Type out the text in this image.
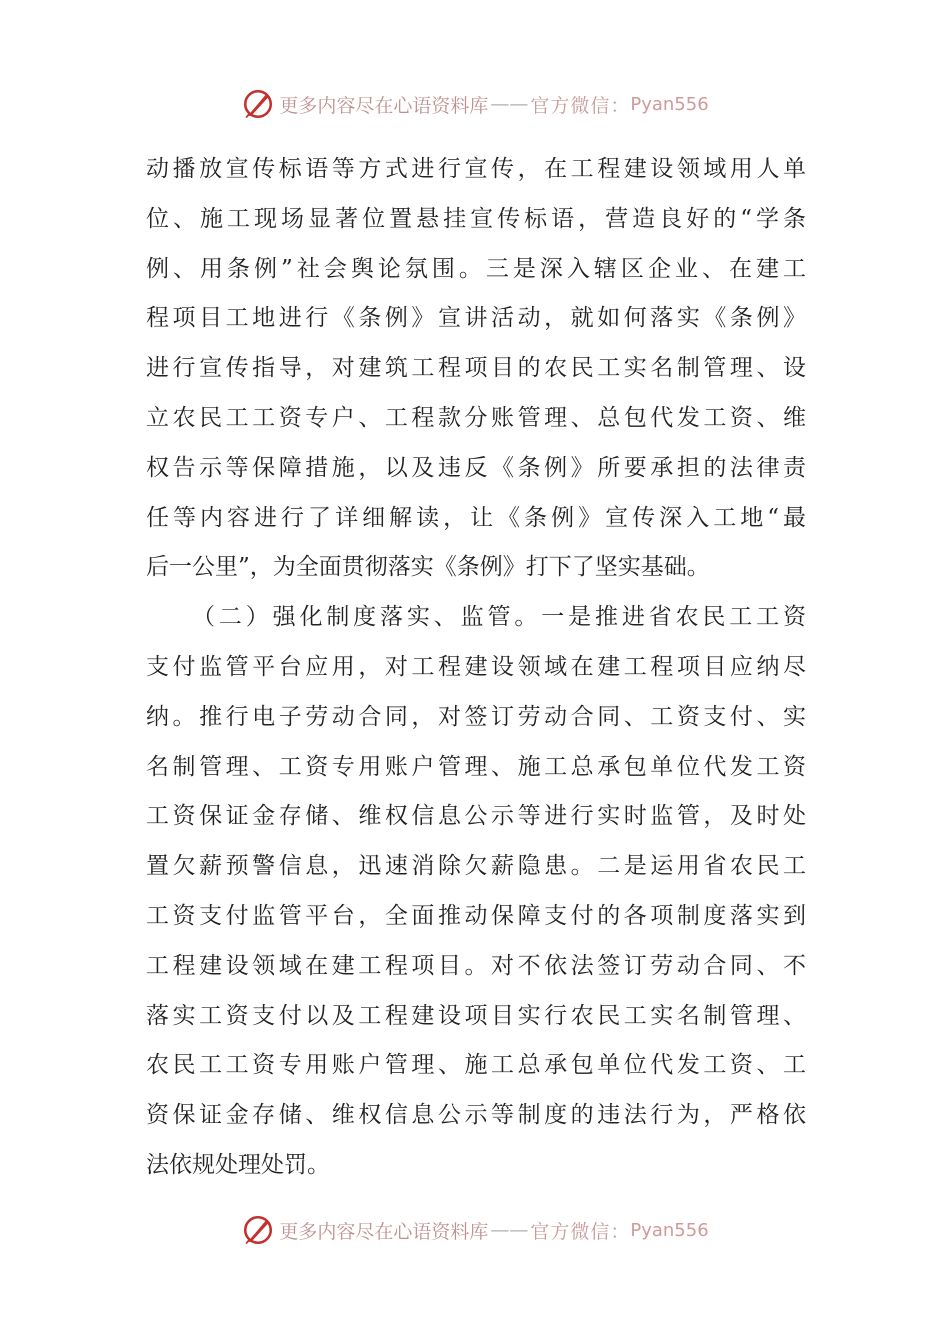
更多内容尽在心语资料库 —— 官方微信： Pyan556
动播放宣传标语等方式进行宣传，在工程建设领域用人单
位、施工现场显著位置悬挂宣传标语，营造良好的“学条
例、用条例”社会舆论氛围。三是深入辖区企业、在建工
程项目工地进行《条例》宣讲活动，就如何落实《条例》
进行宣传指导，对建筑工程项目的农民工实名制管理、设
立农民工工资专户、工程款分账管理、总包代发工资、维
权告示等保障措施，以及违反《条例》所要承担的法律责
任等内容进行了详细解读，让《条例》宣传深入工地“最
后一公里”，为全面贯彻落实《条例》打下了坚实基础。
（二）强化制度落实、监管。一是推进省农民工工资
支付监管平台应用，对工程建设领域在建工程项目应纳尽
纳。推行电子劳动合同，对签订劳动合同、工资支付、实
名制管理、工资专用账户管理、施工总承包单位代发工资
工资保证金存储、维权信息公示等进行实时监管，及时处
置欠薪预警信息，迅速消除欠薪隐患。二是运用省农民工
工资支付监管平台，全面推动保障支付的各项制度落实到
工程建设领域在建工程项目。对不依法签订劳动合同、不
落实工资支付以及工程建设项目实行农民工实名制管理、
农民工工资专用账户管理、施工总承包单位代发工资、工
资保证金存储、维权信息公示等制度的违法行为，严格依
法依规处理处罚。
更多内容尽在心语资料库 —— 官方微信： Pyan556
